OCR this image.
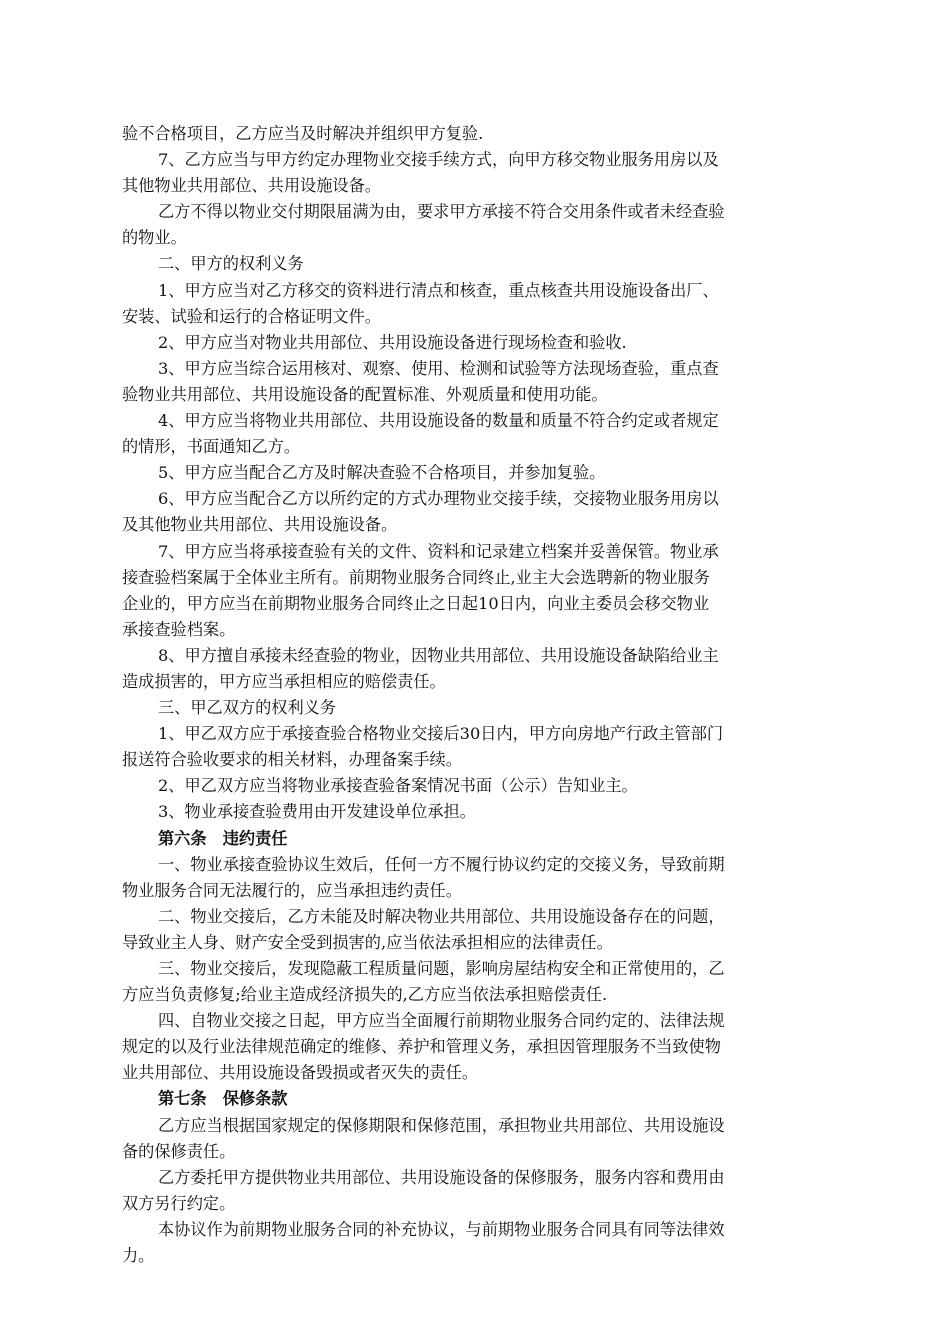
验不合格项目，乙方应当及时解决并组织甲方复验.
7、乙方应当与甲方约定办理物业交接手续方式，向甲方移交物业服务用房以及
其他物业共用部位、共用设施设备。
乙方不得以物业交付期限届满为由，要求甲方承接不符合交用条件或者未经查验
的物业。
二、甲方的权利义务
1、甲方应当对乙方移交的资料进行清点和核查，重点核查共用设施设备出厂、
安装、试验和运行的合格证明文件。
2、甲方应当对物业共用部位、共用设施设备进行现场检查和验收.
3、甲方应当综合运用核对、观察、使用、检测和试验等方法现场查验，重点查
验物业共用部位、共用设施设备的配置标准、外观质量和使用功能。
4、甲方应当将物业共用部位、共用设施设备的数量和质量不符合约定或者规定
的情形，书面通知乙方。
5、甲方应当配合乙方及时解决查验不合格项目，并参加复验。
6、甲方应当配合乙方以所约定的方式办理物业交接手续，交接物业服务用房以
及其他物业共用部位、共用设施设备。
7、甲方应当将承接查验有关的文件、资料和记录建立档案并妥善保管。物业承
接查验档案属于全体业主所有。前期物业服务合同终止,业主大会选聘新的物业服务
企业的，甲方应当在前期物业服务合同终止之日起10日内，向业主委员会移交物业
承接查验档案。
8、甲方擅自承接未经查验的物业，因物业共用部位、共用设施设备缺陷给业主
造成损害的，甲方应当承担相应的赔偿责任。
三、甲乙双方的权利义务
1、甲乙双方应于承接查验合格物业交接后30日内，甲方向房地产行政主管部门
报送符合验收要求的相关材料，办理备案手续。
2、甲乙双方应当将物业承接查验备案情况书面（公示）告知业主。
3、物业承接查验费用由开发建设单位承担。
第六条　违约责任
一、物业承接查验协议生效后，任何一方不履行协议约定的交接义务，导致前期
物业服务合同无法履行的，应当承担违约责任。
二、物业交接后，乙方未能及时解决物业共用部位、共用设施设备存在的问题，
导致业主人身、财产安全受到损害的,应当依法承担相应的法律责任。
三、物业交接后，发现隐蔽工程质量问题，影响房屋结构安全和正常使用的，乙
方应当负责修复;给业主造成经济损失的,乙方应当依法承担赔偿责任.
四、自物业交接之日起，甲方应当全面履行前期物业服务合同约定的、法律法规
规定的以及行业法律规范确定的维修、养护和管理义务，承担因管理服务不当致使物
业共用部位、共用设施设备毁损或者灭失的责任。
第七条　保修条款
乙方应当根据国家规定的保修期限和保修范围，承担物业共用部位、共用设施设
备的保修责任。
乙方委托甲方提供物业共用部位、共用设施设备的保修服务，服务内容和费用由
双方另行约定。
本协议作为前期物业服务合同的补充协议，与前期物业服务合同具有同等法律效
力。
